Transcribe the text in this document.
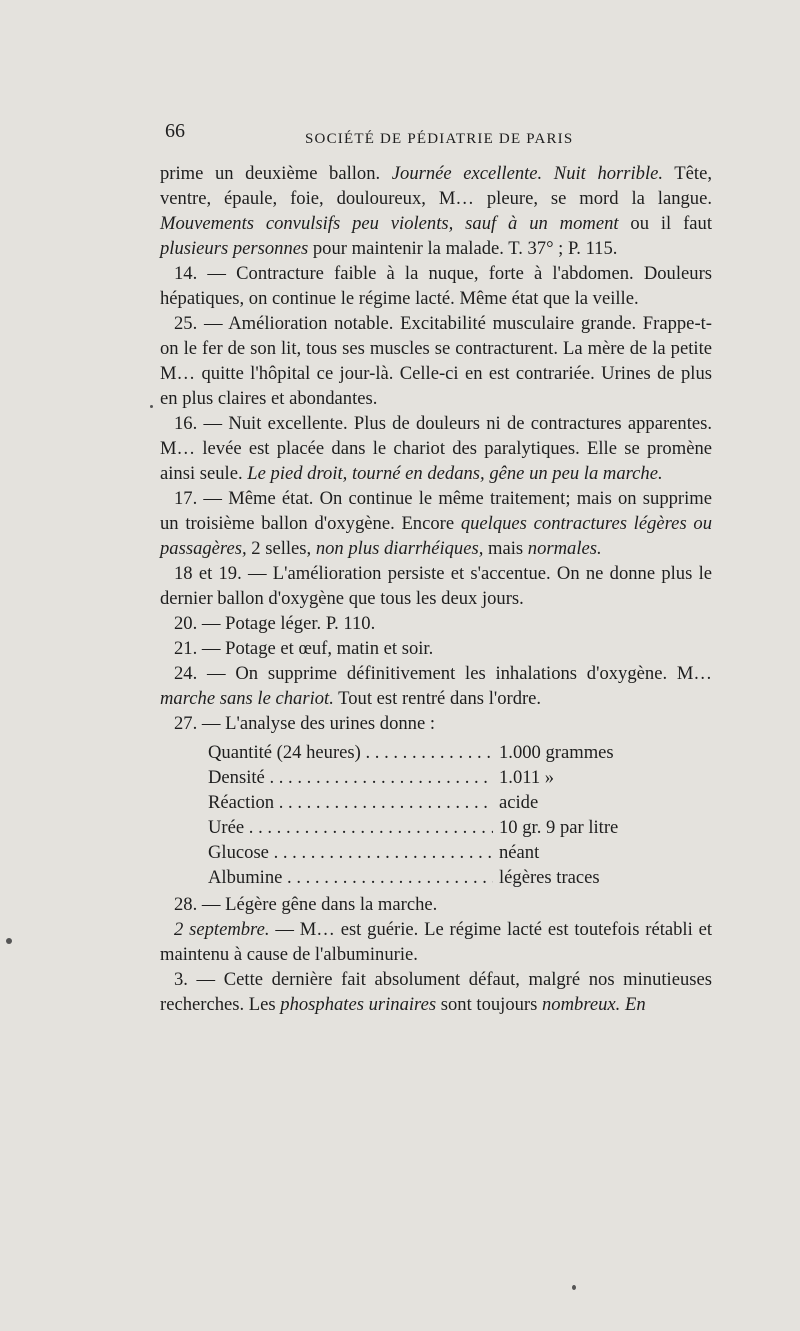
66	SOCIÉTÉ DE PÉDIATRIE DE PARIS

prime un deuxième ballon. Journée excellente. Nuit horrible. Tête, ventre, épaule, foie, douloureux, M… pleure, se mord la langue. Mouvements convulsifs peu violents, sauf à un moment ou il faut plusieurs personnes pour maintenir la malade. T. 37° ; P. 115.

14. — Contracture faible à la nuque, forte à l'abdomen. Douleurs hépatiques, on continue le régime lacté. Même état que la veille.

25. — Amélioration notable. Excitabilité musculaire grande. Frappe-t-on le fer de son lit, tous ses muscles se contracturent. La mère de la petite M… quitte l'hôpital ce jour-là. Celle-ci en est contrariée. Urines de plus en plus claires et abondantes.

16. — Nuit excellente. Plus de douleurs ni de contractures apparentes. M… levée est placée dans le chariot des paralytiques. Elle se promène ainsi seule. Le pied droit, tourné en dedans, gêne un peu la marche.

17. — Même état. On continue le même traitement; mais on supprime un troisième ballon d'oxygène. Encore quelques contractures légères ou passagères, 2 selles, non plus diarrhéiques, mais normales.

18 et 19. — L'amélioration persiste et s'accentue. On ne donne plus le dernier ballon d'oxygène que tous les deux jours.

20. — Potage léger. P. 110.

21. — Potage et œuf, matin et soir.

24. — On supprime définitivement les inhalations d'oxygène. M… marche sans le chariot. Tout est rentré dans l'ordre.

27. — L'analyse des urines donne :

Quantité (24 heures) . . .	1.000 grammes
Densité . . .	1.011 »
Réaction . . .	acide
Urée . . .	10 gr. 9 par litre
Glucose . . .	néant
Albumine . . .	légères traces

28. — Légère gêne dans la marche.

2 septembre. — M… est guérie. Le régime lacté est toutefois rétabli et maintenu à cause de l'albuminurie.

3. — Cette dernière fait absolument défaut, malgré nos minutieuses recherches. Les phosphates urinaires sont toujours nombreux. En
